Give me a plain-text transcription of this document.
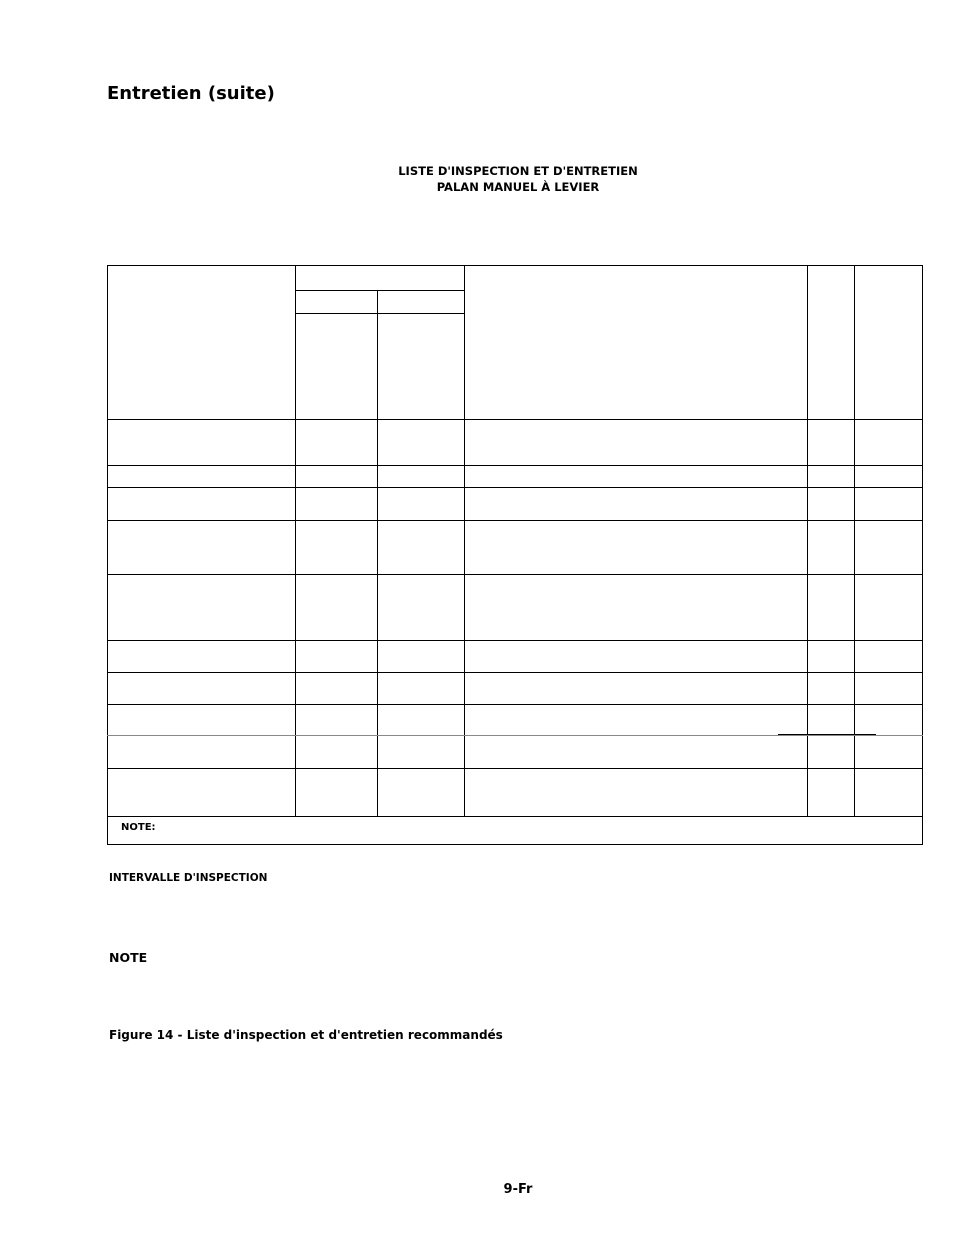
Entretien (suite)
LISTE D'INSPECTION ET D'ENTRETIEN
PALAN MANUEL À LEVIER
NOTE:
INTERVALLE D'INSPECTION
NOTE
Figure 14 - Liste d'inspection et d'entretien recommandés
9-Fr
